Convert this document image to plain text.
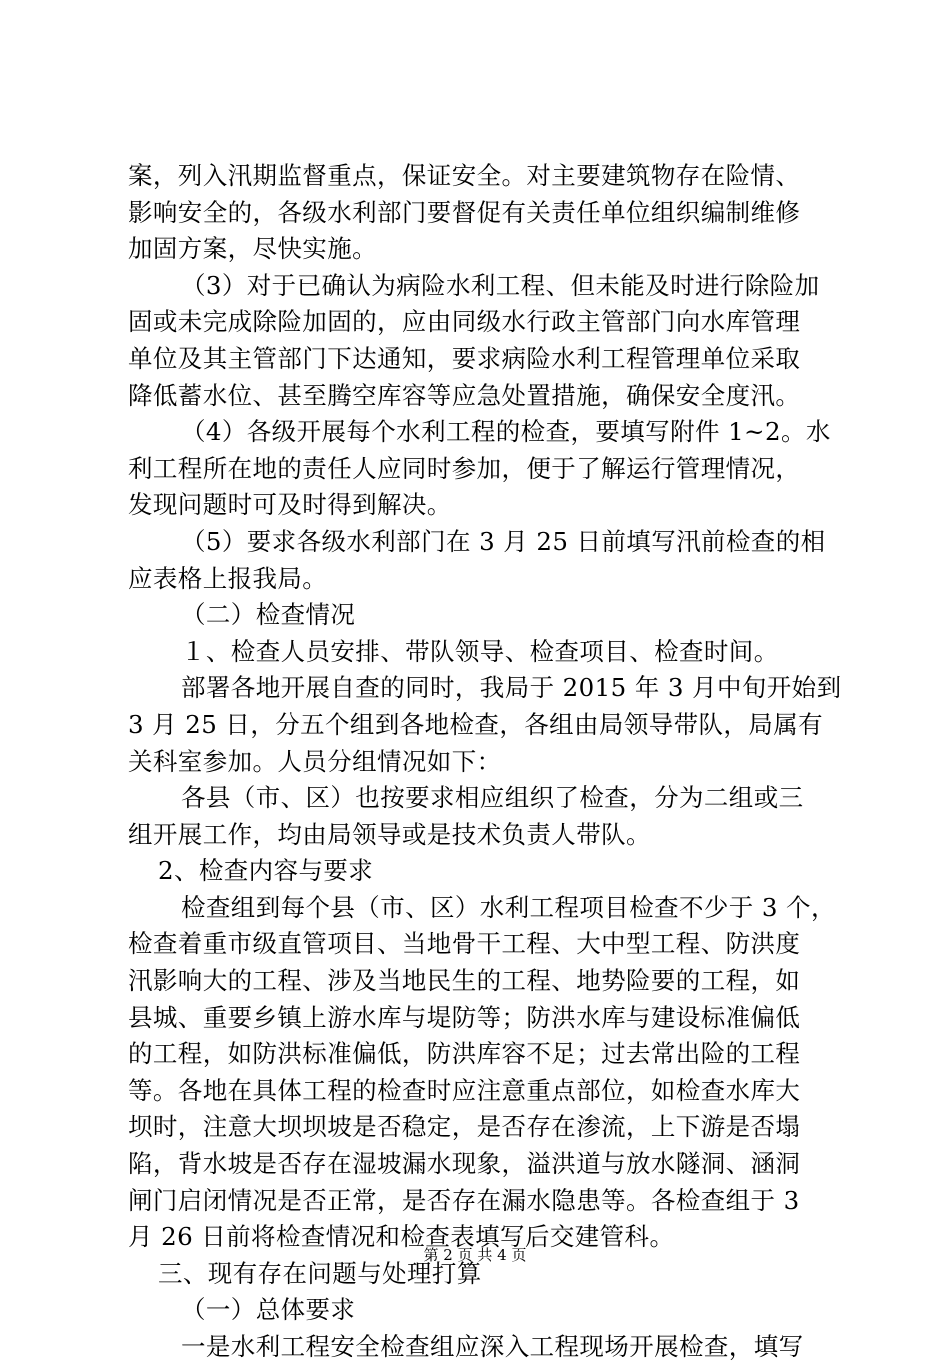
案，列入汛期监督重点，保证安全。对主要建筑物存在险情、
影响安全的，各级水利部门要督促有关责任单位组织编制维修
加固方案，尽快实施。
（3）对于已确认为病险水利工程、但未能及时进行除险加
固或未完成除险加固的，应由同级水行政主管部门向水库管理
单位及其主管部门下达通知，要求病险水利工程管理单位采取
降低蓄水位、甚至腾空库容等应急处置措施，确保安全度汛。
（4）各级开展每个水利工程的检查，要填写附件 1~2。水
利工程所在地的责任人应同时参加，便于了解运行管理情况，
发现问题时可及时得到解决。
（5）要求各级水利部门在 3 月 25 日前填写汛前检查的相
应表格上报我局。
（二）检查情况
１、检查人员安排、带队领导、检查项目、检查时间。
部署各地开展自查的同时，我局于 2015 年 3 月中旬开始到
3 月 25 日，分五个组到各地检查，各组由局领导带队，局属有
关科室参加。人员分组情况如下：
各县（市、区）也按要求相应组织了检查，分为二组或三
组开展工作，均由局领导或是技术负责人带队。
2、检查内容与要求
检查组到每个县（市、区）水利工程项目检查不少于 3 个，
检查着重市级直管项目、当地骨干工程、大中型工程、防洪度
汛影响大的工程、涉及当地民生的工程、地势险要的工程，如
县城、重要乡镇上游水库与堤防等；防洪水库与建设标准偏低
的工程，如防洪标准偏低，防洪库容不足；过去常出险的工程
等。各地在具体工程的检查时应注意重点部位，如检查水库大
坝时，注意大坝坝坡是否稳定，是否存在渗流，上下游是否塌
陷，背水坡是否存在湿坡漏水现象，溢洪道与放水隧洞、涵洞
闸门启闭情况是否正常，是否存在漏水隐患等。各检查组于 3
月 26 日前将检查情况和检查表填写后交建管科。
三、现有存在问题与处理打算
（一）总体要求
一是水利工程安全检查组应深入工程现场开展检查，填写
第 2 页 共 4 页
